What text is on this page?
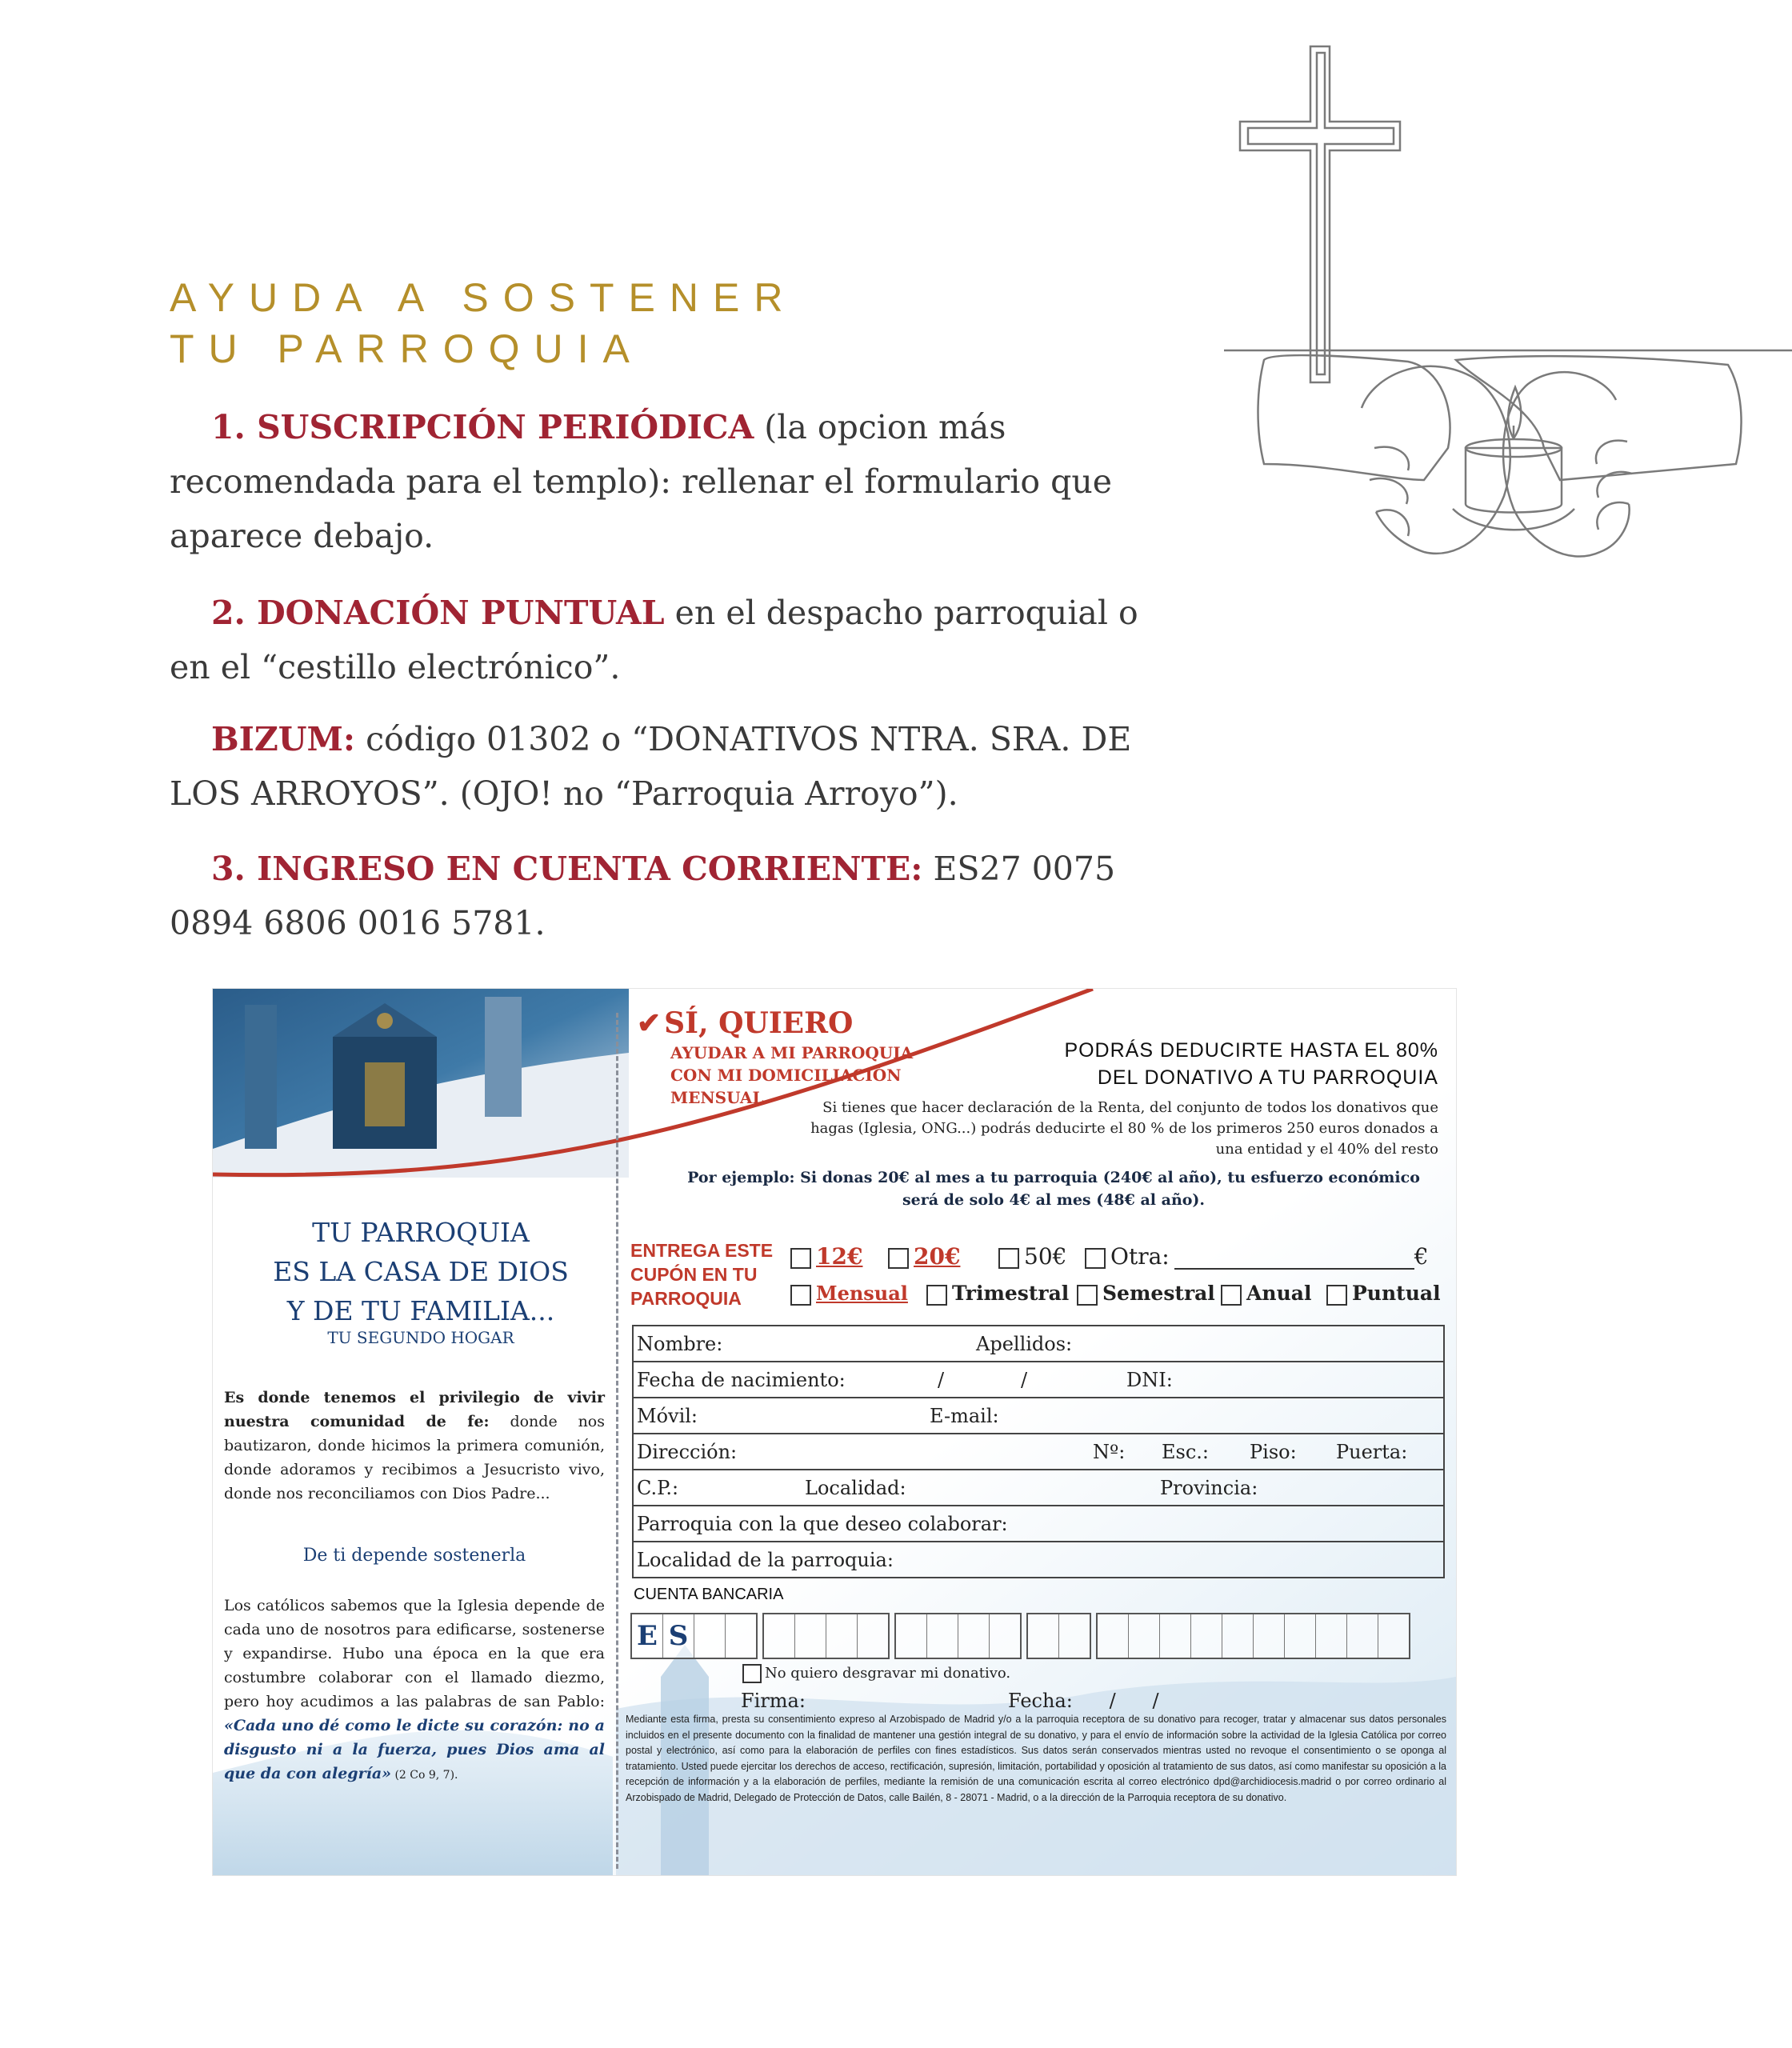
AYUDA A SOSTENER
TU PARROQUIA

1. SUSCRIPCIÓN PERIÓDICA (la opcion más recomendada para el templo): rellenar el formulario que aparece debajo.

2. DONACIÓN PUNTUAL en el despacho parroquial o en el “cestillo electrónico”.

BIZUM: código 01302 o “DONATIVOS NTRA. SRA. DE LOS ARROYOS”. (OJO! no “Parroquia Arroyo”).

3. INGRESO EN CUENTA CORRIENTE: ES27 0075 0894 6806 0016 5781.

TU PARROQUIA
ES LA CASA DE DIOS
Y DE TU FAMILIA...
TU SEGUNDO HOGAR

Es donde tenemos el privilegio de vivir nuestra comunidad de fe: donde nos bautizaron, donde hicimos la primera comunión, donde adoramos y recibimos a Jesucristo vivo, donde nos reconciliamos con Dios Padre...

De ti depende sostenerla

Los católicos sabemos que la Iglesia depende de cada uno de nosotros para edificarse, sostenerse y expandirse. Hubo una época en la que era costumbre colaborar con el llamado diezmo, pero hoy acudimos a las palabras de san Pablo: «Cada uno dé como le dicte su corazón: no a disgusto ni a la fuerza, pues Dios ama al que da con alegría» (2 Co 9, 7).

✔ SÍ, QUIERO
AYUDAR A MI PARROQUIA
CON MI DOMICILIACIÓN
MENSUAL
PODRÁS DEDUCIRTE HASTA EL 80%
DEL DONATIVO A TU PARROQUIA

Si tienes que hacer declaración de la Renta, del conjunto de todos los donativos que hagas (Iglesia, ONG...) podrás deducirte el 80 % de los primeros 250 euros donados a una entidad y el 40% del resto

Por ejemplo: Si donas 20€ al mes a tu parroquia (240€ al año), tu esfuerzo económico será de solo 4€ al mes (48€ al año).

ENTREGA ESTE
CUPÓN EN TU
PARROQUIA
12€	20€	50€	Otra:	€
Mensual	Trimestral	Semestral	Anual	Puntual
Nombre:	Apellidos:
Fecha de nacimiento:	/	/	DNI:
Móvil:	E-mail:
Dirección:	Nº: Esc.: Piso: Puerta:
C.P.:	Localidad:	Provincia:
Parroquia con la que deseo colaborar:
Localidad de la parroquia:
CUENTA BANCARIA
E S
No quiero desgravar mi donativo.
Firma:	Fecha:      /      /

Mediante esta firma, presta su consentimiento expreso al Arzobispado de Madrid y/o a la parroquia receptora de su donativo para recoger, tratar y almacenar sus datos personales incluidos en el presente documento con la finalidad de mantener una gestión integral de su donativo, y para el envío de información sobre la actividad de la Iglesia Católica por correo postal y electrónico, así como para la elaboración de perfiles con fines estadísticos. Sus datos serán conservados mientras usted no revoque el consentimiento o se oponga al tratamiento. Usted puede ejercitar los derechos de acceso, rectificación, supresión, limitación, portabilidad y oposición al tratamiento de sus datos, así como manifestar su oposición a la recepción de información y a la elaboración de perfiles, mediante la remisión de una comunicación escrita al correo electrónico dpd@archidiocesis.madrid o por correo ordinario al Arzobispado de Madrid, Delegado de Protección de Datos, calle Bailén, 8 - 28071 - Madrid, o a la dirección de la Parroquia receptora de su donativo.
